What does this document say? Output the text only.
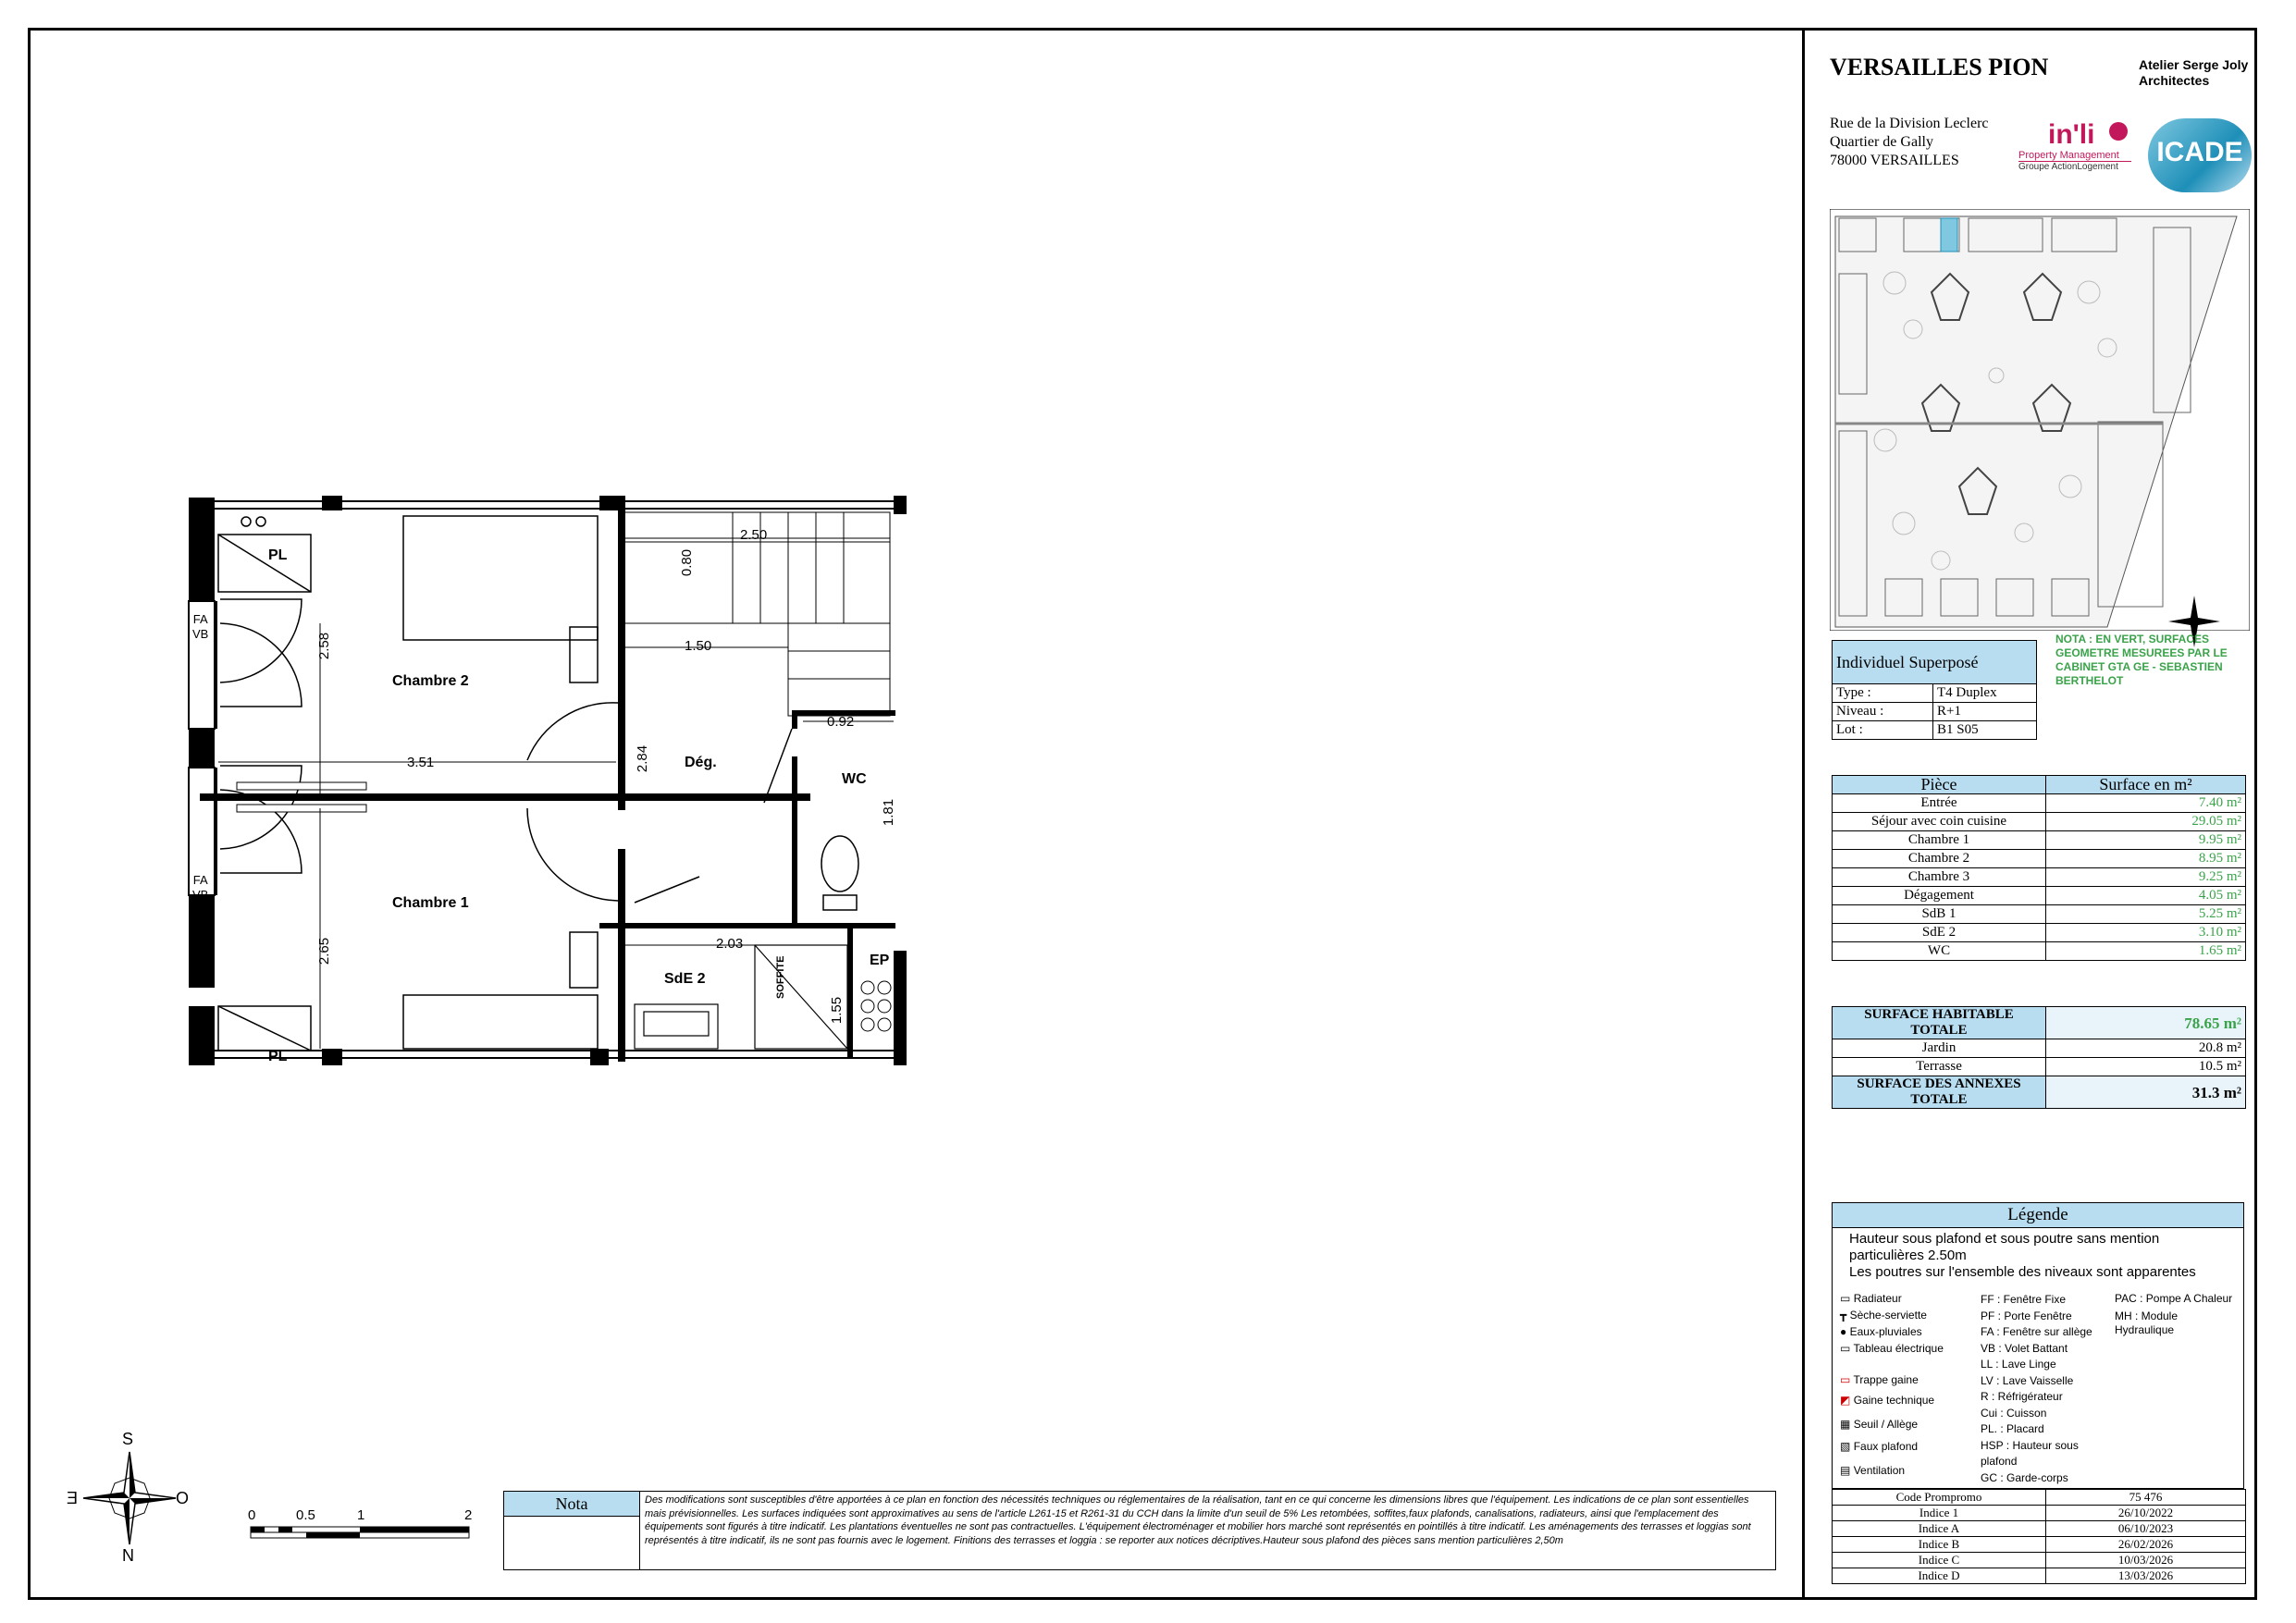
VERSAILLES PION	Atelier Serge Joly Architectes
Rue de la Division Leclerc
Quartier de Gally
78000 VERSAILLES
in'li
Property Management
Groupe ActionLogement	ICADE
NOTA : EN VERT, SURFACES GEOMETRE MESUREES PAR LE CABINET GTA GE - SEBASTIEN BERTHELOT
Individuel Superposé	
Type :	T4 Duplex
Niveau :	R+1
Lot :	B1 S05
Pièce	Surface en m²
Entrée	7.40 m²
Séjour avec coin cuisine	29.05 m²
Chambre 1	9.95 m²
Chambre 2	8.95 m²
Chambre 3	9.25 m²
Dégagement	4.05 m²
SdB 1	5.25 m²
SdE 2	3.10 m²
WC	1.65 m²
SURFACE HABITABLE TOTALE	78.65 m²
Jardin	20.8 m²
Terrasse	10.5 m²
SURFACE DES ANNEXES TOTALE	31.3 m²
Légende
Hauteur sous plafond et sous poutre sans mention
particulières 2.50m
Les poutres sur l'ensemble des niveaux sont apparentes
▭ Radiateur
┳ Sèche-serviette
● Eaux-pluviales
▭ Tableau électrique
▭ Trappe gaine
◩ Gaine technique
▦ Seuil / Allège
▧ Faux plafond
▤ Ventilation
FF : Fenêtre Fixe
PF : Porte Fenêtre
FA : Fenêtre sur allège
VB : Volet Battant
LL : Lave Linge
LV : Lave Vaisselle
R : Réfrigérateur
Cui : Cuisson
PL. : Placard
HSP : Hauteur sous plafond
GC : Garde-corps
PAC : Pompe A Chaleur
MH : Module Hydraulique
Code Prompromo	75 476
Indice 1	26/10/2022
Indice A	06/10/2023
Indice B	26/02/2026
Indice C	10/03/2026
Indice D	13/03/2026
Nota	Des modifications sont susceptibles d'être apportées à ce plan en fonction des nécessités techniques ou réglementaires de la réalisation, tant en ce qui concerne les dimensions libres que l'équipement. Les indications de ce plan sont essentielles mais prévisionnelles. Les surfaces indiquées sont approximatives au sens de l'article L261-15 et R261-31 du CCH dans la limite d'un seuil de 5% Les retombées, soffites,faux plafonds, canalisations, radiateurs, ainsi que l'emplacement des équipements sont figurés à titre indicatif. Les plantations éventuelles ne sont pas contractuelles. L'équipement électroménager et mobilier hors marché sont représentés en pointillés à titre indicatif. Les aménagements des terrasses et loggias sont représentés à titre indicatif, ils ne sont pas fournis avec le logement. Finitions des terrasses et loggia : se reporter aux notices décriptives.Hauteur sous plafond des pièces sans mention particulières 2,50m
S
N
E	O
0	0.5	1	2
Chambre 2
Chambre 1
Dég.
WC
SdE 2
EP
PL
PL
SOFFITE
FA
VB
FA
VB
2.50
0.80
1.50
0.92
2.58
3.51	2.84
1.81
2.65	2.03
1.55
